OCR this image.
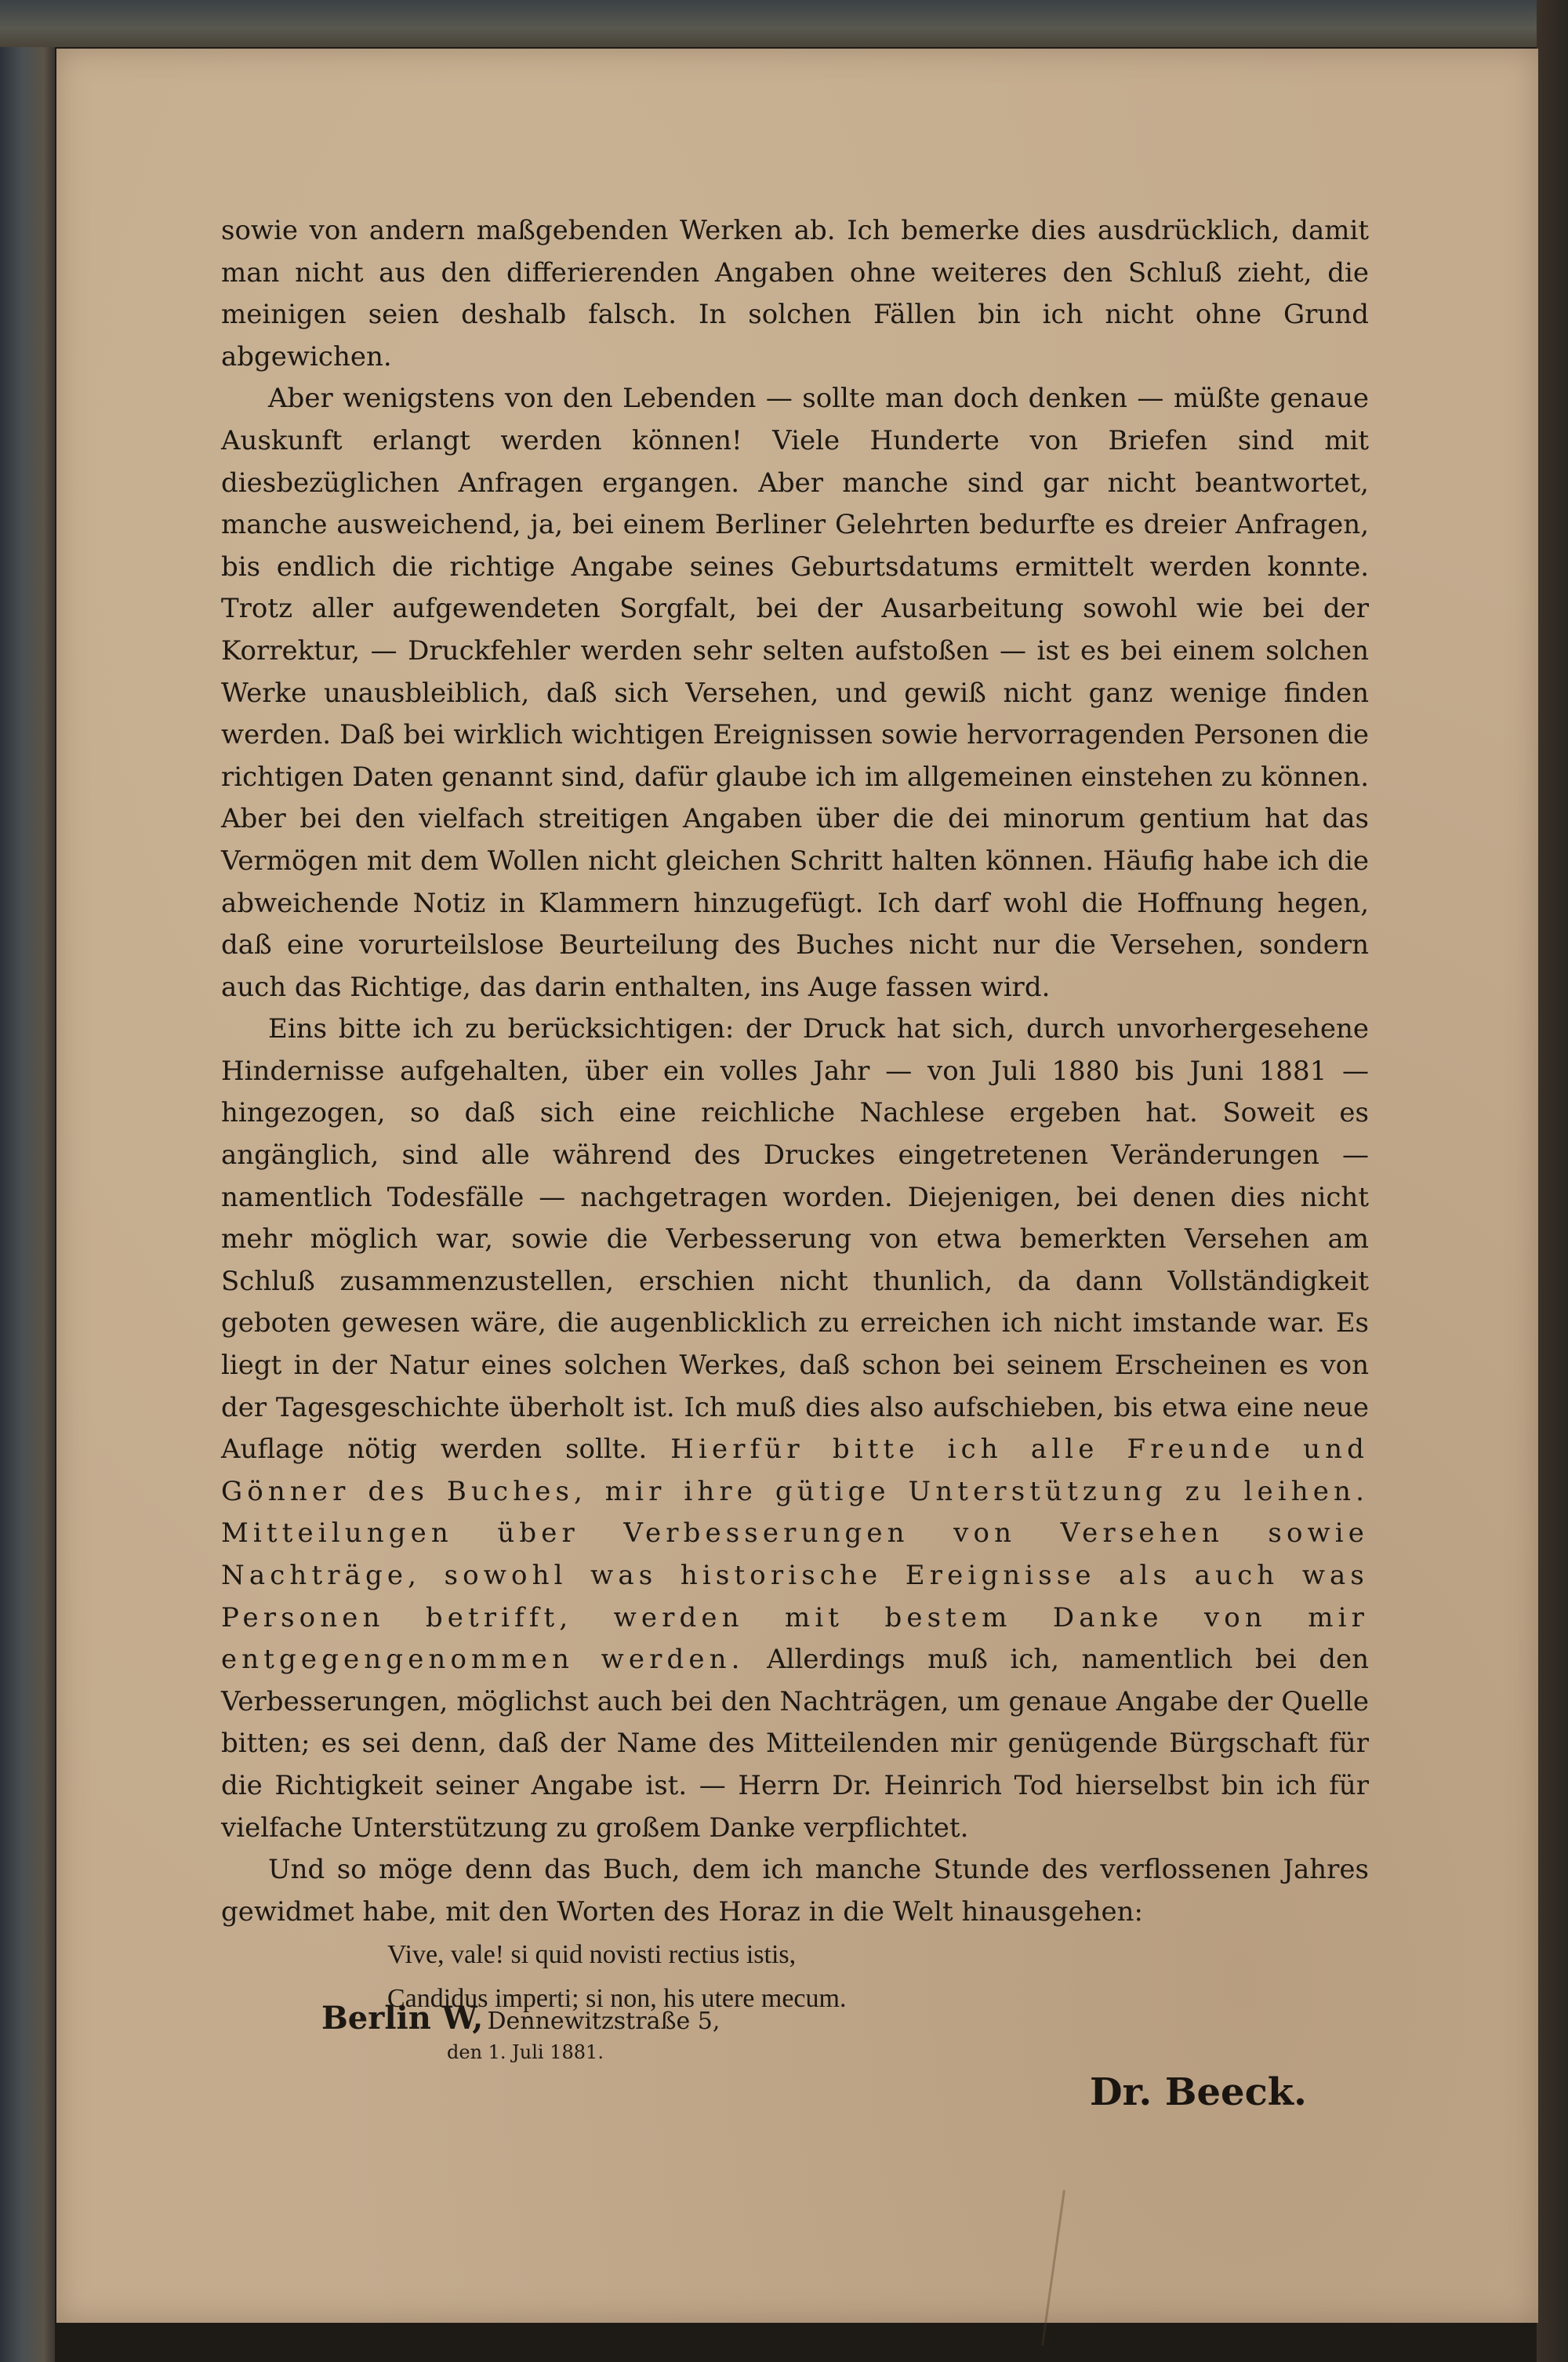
sowie von andern maßgebenden Werken ab. Ich bemerke dies ausdrücklich, damit man nicht aus den differierenden Angaben ohne weiteres den Schluß zieht, die meinigen seien deshalb falsch. In solchen Fällen bin ich nicht ohne Grund abgewichen.

Aber wenigstens von den Lebenden — sollte man doch denken — müßte genaue Auskunft erlangt werden können! Viele Hunderte von Briefen sind mit diesbezüglichen Anfragen ergangen. Aber manche sind gar nicht beantwortet, manche ausweichend, ja, bei einem Berliner Gelehrten bedurfte es dreier Anfragen, bis endlich die richtige Angabe seines Geburtsdatums ermittelt werden konnte. Trotz aller aufgewendeten Sorgfalt, bei der Ausarbeitung sowohl wie bei der Korrektur, — Druckfehler werden sehr selten aufstoßen — ist es bei einem solchen Werke unausbleiblich, daß sich Versehen, und gewiß nicht ganz wenige finden werden. Daß bei wirklich wichtigen Ereignissen sowie hervorragenden Personen die richtigen Daten genannt sind, dafür glaube ich im allgemeinen einstehen zu können. Aber bei den vielfach streitigen Angaben über die dei minorum gentium hat das Vermögen mit dem Wollen nicht gleichen Schritt halten können. Häufig habe ich die abweichende Notiz in Klammern hinzugefügt. Ich darf wohl die Hoffnung hegen, daß eine vorurteilslose Beurteilung des Buches nicht nur die Versehen, sondern auch das Richtige, das darin enthalten, ins Auge fassen wird.

Eins bitte ich zu berücksichtigen: der Druck hat sich, durch unvorhergesehene Hindernisse aufgehalten, über ein volles Jahr — von Juli 1880 bis Juni 1881 — hingezogen, so daß sich eine reichliche Nachlese ergeben hat. Soweit es angänglich, sind alle während des Druckes eingetretenen Veränderungen — namentlich Todesfälle — nachgetragen worden. Diejenigen, bei denen dies nicht mehr möglich war, sowie die Verbesserung von etwa bemerkten Versehen am Schluß zusammenzustellen, erschien nicht thunlich, da dann Vollständigkeit geboten gewesen wäre, die augenblicklich zu erreichen ich nicht imstande war. Es liegt in der Natur eines solchen Werkes, daß schon bei seinem Erscheinen es von der Tagesgeschichte überholt ist. Ich muß dies also aufschieben, bis etwa eine neue Auflage nötig werden sollte. Hierfür bitte ich alle Freunde und Gönner des Buches, mir ihre gütige Unterstützung zu leihen. Mitteilungen über Verbesserungen von Versehen sowie Nachträge, sowohl was historische Ereignisse als auch was Personen betrifft, werden mit bestem Danke von mir entgegengenommen werden. Allerdings muß ich, namentlich bei den Verbesserungen, möglichst auch bei den Nachträgen, um genaue Angabe der Quelle bitten; es sei denn, daß der Name des Mitteilenden mir genügende Bürgschaft für die Richtigkeit seiner Angabe ist. — Herrn Dr. Heinrich Tod hierselbst bin ich für vielfache Unterstützung zu großem Danke verpflichtet.

Und so möge denn das Buch, dem ich manche Stunde des verflossenen Jahres gewidmet habe, mit den Worten des Horaz in die Welt hinausgehen:

Vive, vale! si quid novisti rectius istis,

Candidus imperti; si non, his utere mecum.

Berlin W, Dennewitzstraße 5,
den 1. Juli 1881.
Dr. Beeck.
